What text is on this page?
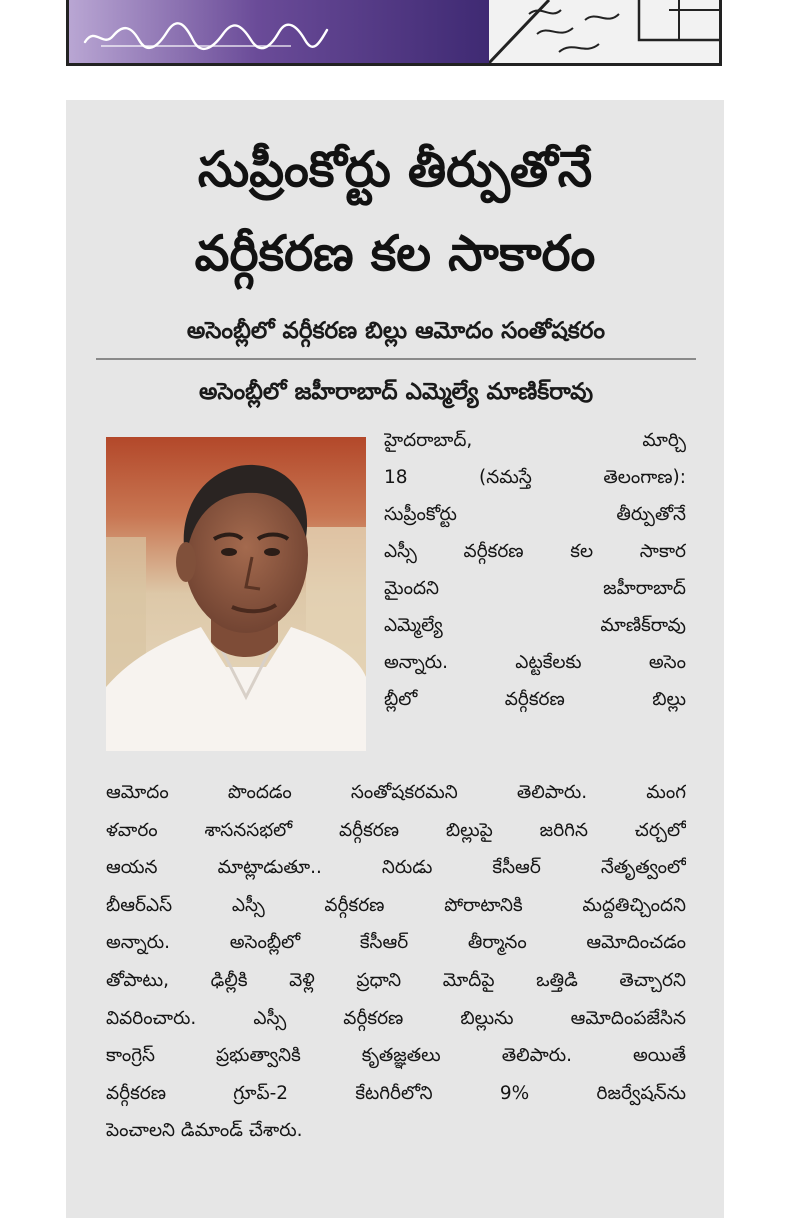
సుప్రీంకోర్టు తీర్పుతోనే
వర్గీకరణ కల సాకారం
అసెంబ్లీలో వర్గీకరణ బిల్లు ఆమోదం సంతోషకరం
అసెంబ్లీలో జహీరాబాద్ ఎమ్మెల్యే మాణిక్‌రావు
హైదరాబాద్, మార్చి
18 (నమస్తే తెలంగాణ):
సుప్రీంకోర్టు తీర్పుతోనే
ఎస్సీ వర్గీకరణ కల సాకార
మైందని జహీరాబాద్
ఎమ్మెల్యే మాణిక్‌రావు
అన్నారు. ఎట్టకేలకు అసెం
బ్లీలో వర్గీకరణ బిల్లు
ఆమోదం పొందడం సంతోషకరమని తెలిపారు. మంగ
ళవారం శాసనసభలో వర్గీకరణ బిల్లుపై జరిగిన చర్చలో
ఆయన మాట్లాడుతూ.. నిరుడు కేసీఆర్ నేతృత్వంలో
బీఆర్‌ఎస్ ఎస్సీ వర్గీకరణ పోరాటానికి మద్దతిచ్చిందని
అన్నారు. అసెంబ్లీలో కేసీఆర్ తీర్మానం ఆమోదించడం
తోపాటు, ఢిల్లీకి వెళ్లి ప్రధాని మోదీపై ఒత్తిడి తెచ్చారని
వివరించారు. ఎస్సీ వర్గీకరణ బిల్లును ఆమోదింపజేసిన
కాంగ్రెస్ ప్రభుత్వానికి కృతజ్ఞతలు తెలిపారు. అయితే
వర్గీకరణ గ్రూప్-2 కేటగిరీలోని 9% రిజర్వేషన్‌ను
పెంచాలని డిమాండ్ చేశారు.
